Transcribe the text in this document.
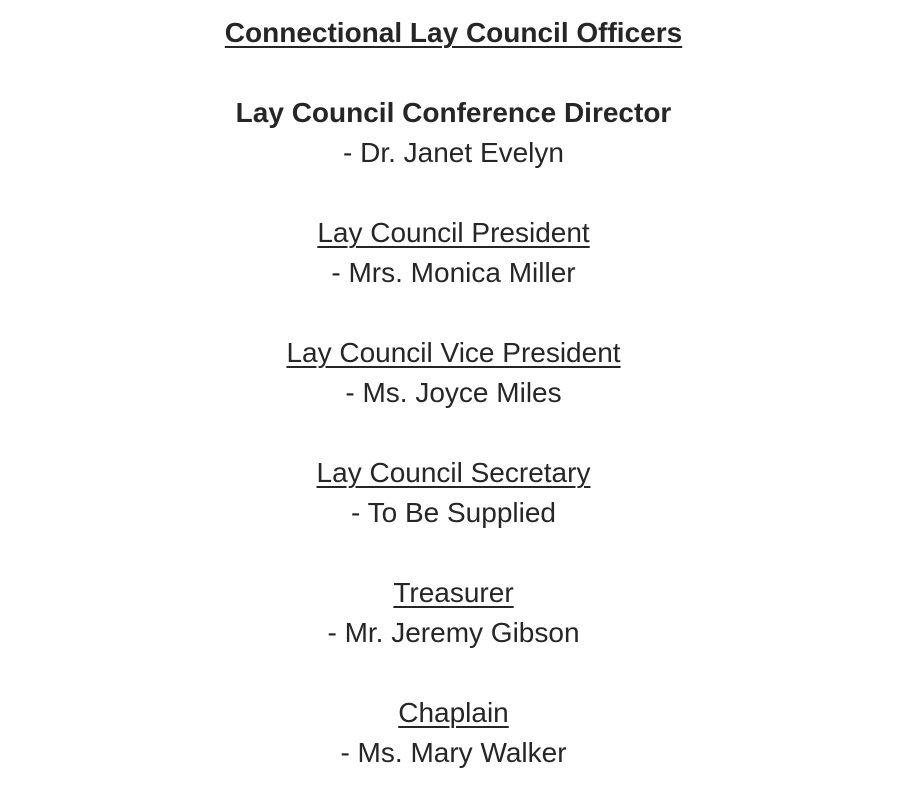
Connectional Lay Council Officers

Lay Council Conference Director

- Dr. Janet Evelyn

Lay Council President

- Mrs. Monica Miller

Lay Council Vice President

- Ms. Joyce Miles

Lay Council Secretary

- To Be Supplied

Treasurer

- Mr. Jeremy Gibson

Chaplain

- Ms. Mary Walker
